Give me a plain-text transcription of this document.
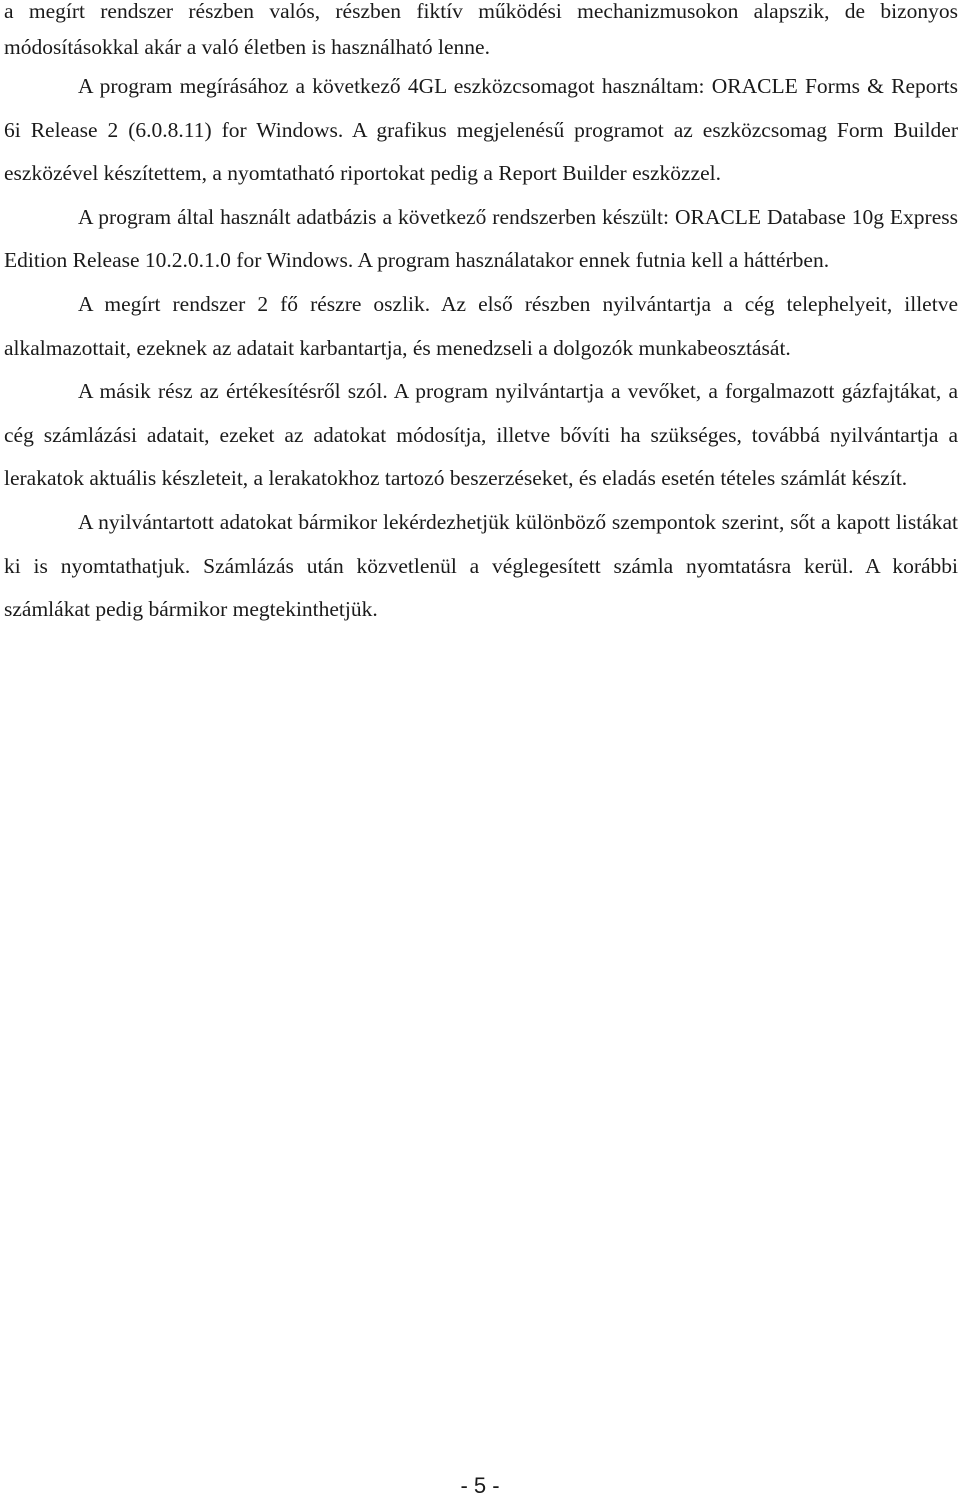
a megírt rendszer részben valós, részben fiktív működési mechanizmusokon alapszik, de bizonyos módosításokkal akár a való életben is használható lenne.

A program megírásához a következő 4GL eszközcsomagot használtam: ORACLE Forms & Reports 6i Release 2 (6.0.8.11) for Windows. A grafikus megjelenésű programot az eszközcsomag Form Builder eszközével készítettem, a nyomtatható riportokat pedig a Report Builder eszközzel.

A program által használt adatbázis a következő rendszerben készült: ORACLE Database 10g Express Edition Release 10.2.0.1.0 for Windows. A program használatakor ennek futnia kell a háttérben.

A megírt rendszer 2 fő részre oszlik. Az első részben nyilvántartja a cég telephelyeit, illetve alkalmazottait, ezeknek az adatait karbantartja, és menedzseli a dolgozók munkabeosztását.

A másik rész az értékesítésről szól. A program nyilvántartja a vevőket, a forgalmazott gázfajtákat, a cég számlázási adatait, ezeket az adatokat módosítja, illetve bővíti ha szükséges, továbbá nyilvántartja a lerakatok aktuális készleteit, a lerakatokhoz tartozó beszerzéseket, és eladás esetén tételes számlát készít.

A nyilvántartott adatokat bármikor lekérdezhetjük különböző szempontok szerint, sőt a kapott listákat ki is nyomtathatjuk. Számlázás után közvetlenül a véglegesített számla nyomtatásra kerül. A korábbi számlákat pedig bármikor megtekinthetjük.

- 5 -
